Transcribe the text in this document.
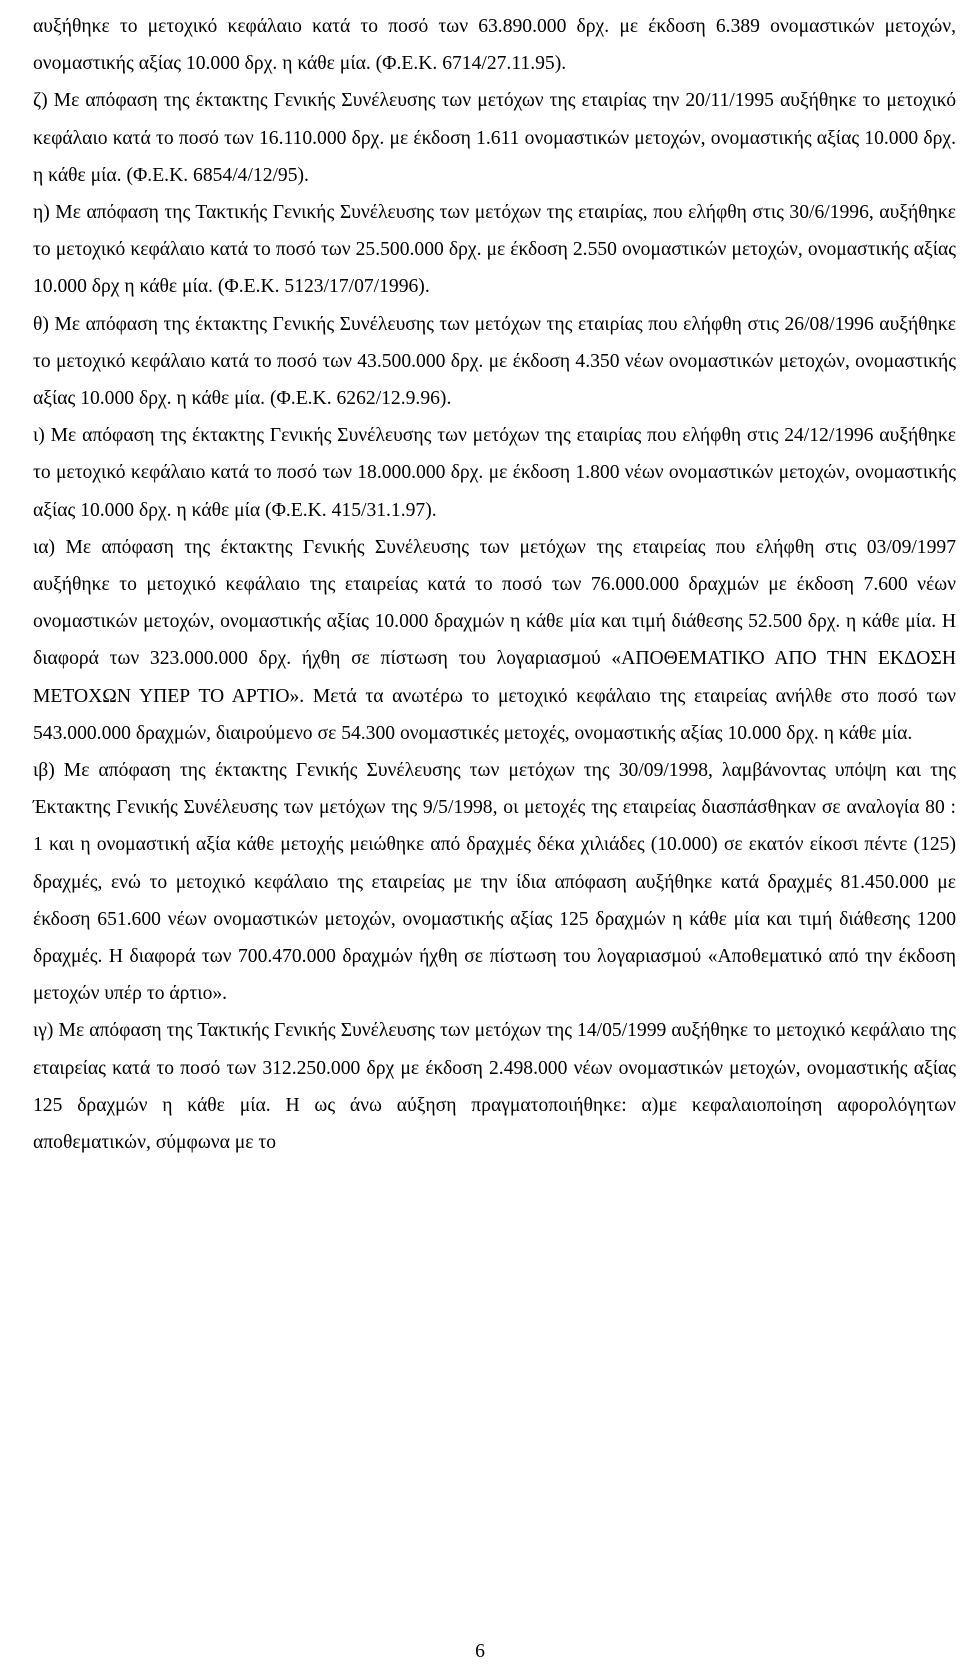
αυξήθηκε το μετοχικό κεφάλαιο κατά το ποσό των 63.890.000 δρχ. με έκδοση 6.389 ονομαστικών μετοχών, ονομαστικής αξίας 10.000 δρχ. η κάθε μία. (Φ.Ε.Κ. 6714/27.11.95).

ζ) Με απόφαση της έκτακτης Γενικής Συνέλευσης των μετόχων της εταιρίας την 20/11/1995 αυξήθηκε το μετοχικό κεφάλαιο κατά το ποσό των 16.110.000 δρχ. με έκδοση 1.611 ονομαστικών μετοχών, ονομαστικής αξίας 10.000 δρχ. η κάθε μία. (Φ.Ε.Κ. 6854/4/12/95).

η) Με απόφαση της Τακτικής Γενικής Συνέλευσης των μετόχων της εταιρίας, που ελήφθη στις 30/6/1996, αυξήθηκε το μετοχικό κεφάλαιο κατά το ποσό των 25.500.000 δρχ. με έκδοση 2.550 ονομαστικών μετοχών, ονομαστικής αξίας 10.000 δρχ η κάθε μία. (Φ.Ε.Κ. 5123/17/07/1996).

θ) Με απόφαση της έκτακτης Γενικής Συνέλευσης των μετόχων της εταιρίας που ελήφθη στις 26/08/1996 αυξήθηκε το μετοχικό κεφάλαιο κατά το ποσό των 43.500.000 δρχ. με έκδοση 4.350 νέων ονομαστικών μετοχών, ονομαστικής αξίας 10.000 δρχ. η κάθε μία. (Φ.Ε.Κ. 6262/12.9.96).

ι) Με απόφαση της έκτακτης Γενικής Συνέλευσης των μετόχων της εταιρίας που ελήφθη στις 24/12/1996 αυξήθηκε το μετοχικό κεφάλαιο κατά το ποσό των 18.000.000 δρχ. με έκδοση 1.800 νέων ονομαστικών μετοχών, ονομαστικής αξίας 10.000 δρχ. η κάθε μία (Φ.Ε.Κ. 415/31.1.97).

ια) Με απόφαση της έκτακτης Γενικής Συνέλευσης των μετόχων της εταιρείας που ελήφθη στις 03/09/1997 αυξήθηκε το μετοχικό κεφάλαιο της εταιρείας κατά το ποσό των 76.000.000 δραχμών με έκδοση 7.600 νέων ονομαστικών μετοχών, ονομαστικής αξίας 10.000 δραχμών η κάθε μία και τιμή διάθεσης 52.500 δρχ. η κάθε μία. Η διαφορά των 323.000.000 δρχ. ήχθη σε πίστωση του λογαριασμού «ΑΠΟΘΕΜΑΤΙΚΟ ΑΠΟ ΤΗΝ ΕΚΔΟΣΗ ΜΕΤΟΧΩΝ ΥΠΕΡ ΤΟ ΑΡΤΙΟ». Μετά τα ανωτέρω το μετοχικό κεφάλαιο της εταιρείας ανήλθε στο ποσό των 543.000.000 δραχμών, διαιρούμενο σε 54.300 ονομαστικές μετοχές, ονομαστικής αξίας 10.000 δρχ. η κάθε μία.

ιβ) Με απόφαση της έκτακτης Γενικής Συνέλευσης των μετόχων της 30/09/1998, λαμβάνοντας υπόψη και της Έκτακτης Γενικής Συνέλευσης των μετόχων της 9/5/1998, οι μετοχές της εταιρείας διασπάσθηκαν σε αναλογία 80 : 1 και η ονομαστική αξία κάθε μετοχής μειώθηκε από δραχμές δέκα χιλιάδες (10.000) σε εκατόν είκοσι πέντε (125) δραχμές, ενώ το μετοχικό κεφάλαιο της εταιρείας με την ίδια απόφαση αυξήθηκε κατά δραχμές 81.450.000 με έκδοση 651.600 νέων ονομαστικών μετοχών, ονομαστικής αξίας 125 δραχμών η κάθε μία και τιμή διάθεσης 1200 δραχμές. Η διαφορά των 700.470.000 δραχμών ήχθη σε πίστωση του λογαριασμού «Αποθεματικό από την έκδοση μετοχών υπέρ το άρτιο».

ιγ) Με απόφαση της Τακτικής Γενικής Συνέλευσης των μετόχων της 14/05/1999 αυξήθηκε το μετοχικό κεφάλαιο της εταιρείας κατά το ποσό των 312.250.000 δρχ με έκδοση 2.498.000 νέων ονομαστικών μετοχών, ονομαστικής αξίας 125 δραχμών η κάθε μία. Η ως άνω αύξηση πραγματοποιήθηκε: α)με κεφαλαιοποίηση αφορολόγητων αποθεματικών, σύμφωνα με το

6
